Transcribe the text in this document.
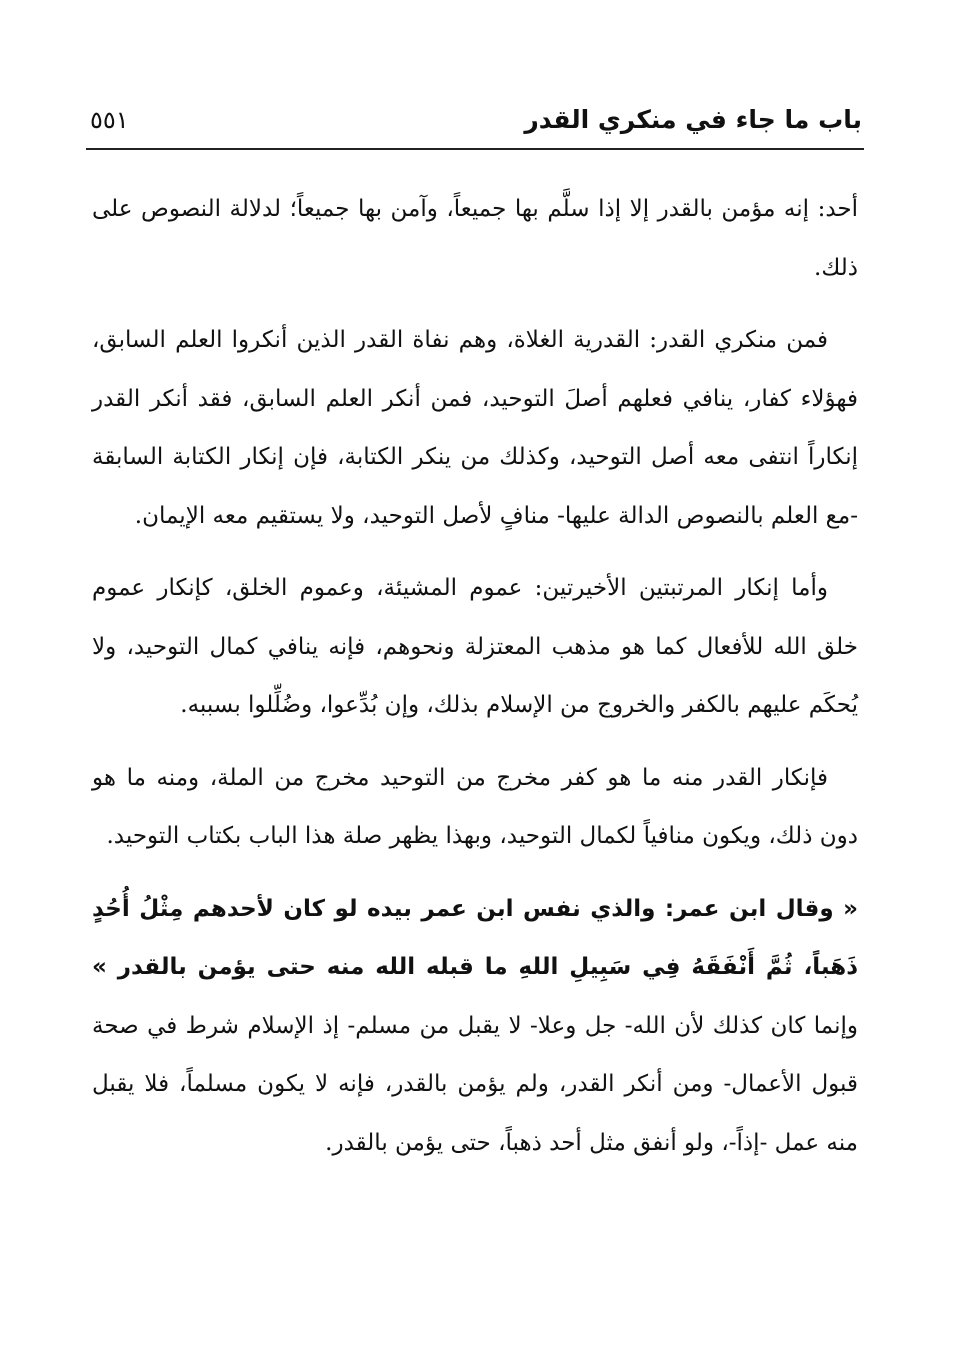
باب ما جاء في منكري القدر
٥٥١

أحد: إنه مؤمن بالقدر إلا إذا سلَّم بها جميعاً، وآمن بها جميعاً؛ لدلالة النصوص على ذلك.

فمن منكري القدر: القدرية الغلاة، وهم نفاة القدر الذين أنكروا العلم السابق، فهؤلاء كفار، ينافي فعلهم أصلَ التوحيد، فمن أنكر العلم السابق، فقد أنكر القدر إنكاراً انتفى معه أصل التوحيد، وكذلك من ينكر الكتابة، فإن إنكار الكتابة السابقة -مع العلم بالنصوص الدالة عليها- منافٍ لأصل التوحيد، ولا يستقيم معه الإيمان.

وأما إنكار المرتبتين الأخيرتين: عموم المشيئة، وعموم الخلق، كإنكار عموم خلق الله للأفعال كما هو مذهب المعتزلة ونحوهم، فإنه ينافي كمال التوحيد، ولا يُحكَم عليهم بالكفر والخروج من الإسلام بذلك، وإن بُدِّعوا، وضُلِّلوا بسببه.

فإنكار القدر منه ما هو كفر مخرج من التوحيد مخرج من الملة، ومنه ما هو دون ذلك، ويكون منافياً لكمال التوحيد، وبهذا يظهر صلة هذا الباب بكتاب التوحيد.

« وقال ابن عمر: والذي نفس ابن عمر بيده لو كان لأحدهم مِثْلُ أُحُدٍ ذَهَباً، ثُمَّ أَنْفَقَهُ فِي سَبِيلِ اللهِ ما قبله الله منه حتى يؤمن بالقدر » وإنما كان كذلك لأن الله- جل وعلا- لا يقبل من مسلم- إذ الإسلام شرط في صحة قبول الأعمال- ومن أنكر القدر، ولم يؤمن بالقدر، فإنه لا يكون مسلماً، فلا يقبل منه عمل -إذاً-، ولو أنفق مثل أحد ذهباً، حتى يؤمن بالقدر.
